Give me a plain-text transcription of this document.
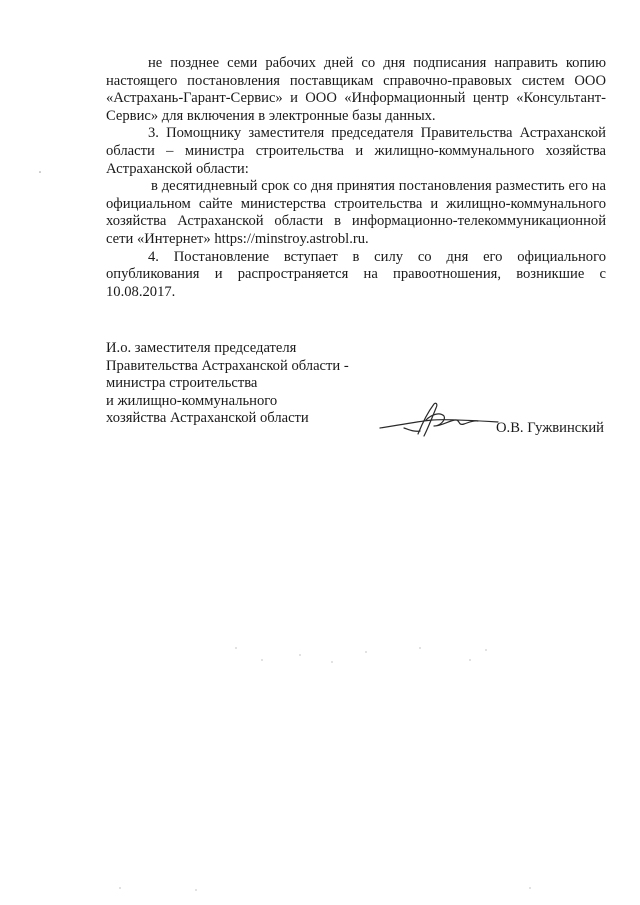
не позднее семи рабочих дней со дня подписания направить копию настоящего постановления поставщикам справочно-правовых систем ООО «Астрахань-Гарант-Сервис» и ООО «Информационный центр «Консультант-Сервис» для включения в электронные базы данных.

3. Помощнику заместителя председателя Правительства Астраханской области – министра строительства и жилищно-коммунального хозяйства Астраханской области:

в десятидневный срок со дня принятия постановления разместить его на официальном сайте министерства строительства и жилищно-коммунального хозяйства Астраханской области в информационно-телекоммуникационной сети «Интернет» https://minstroy.astrobl.ru.

4. Постановление вступает в силу со дня его официального опубликования и распространяется на правоотношения, возникшие с 10.08.2017.

И.о. заместителя председателя
Правительства Астраханской области -
министра строительства
и жилищно-коммунального
хозяйства Астраханской области
О.В. Гужвинский
